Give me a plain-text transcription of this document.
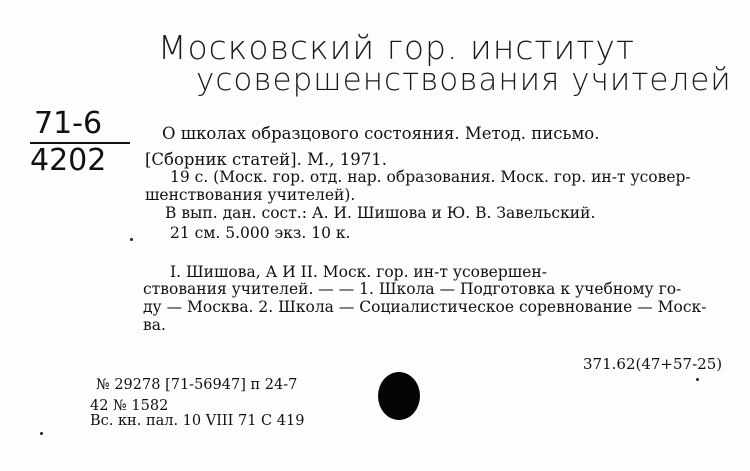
Московский гор. институт
усовершенствования учителей
71-6
4202
О школах образцового состояния. Метод. письмо.
[Сборник статей]. М., 1971.
19 с. (Моск. гор. отд. нар. образования. Моск. гор. ин-т усовер-
шенствования учителей).
В вып. дан. сост.: А. И. Шишова и Ю. В. Завельский.
21 см. 5.000 экз. 10 к.
I. Шишова, А И II. Моск. гор. ин-т усовершен-
ствования учителей. — — 1. Школа — Подготовка к учебному го-
ду — Москва. 2. Школа — Социалистическое соревнование — Моск-
ва.
371.62(47+57-25)
№ 29278 [71-56947] п 24-7
42 № 1582
Вс. кн. пал. 10 VIII 71 С 419
